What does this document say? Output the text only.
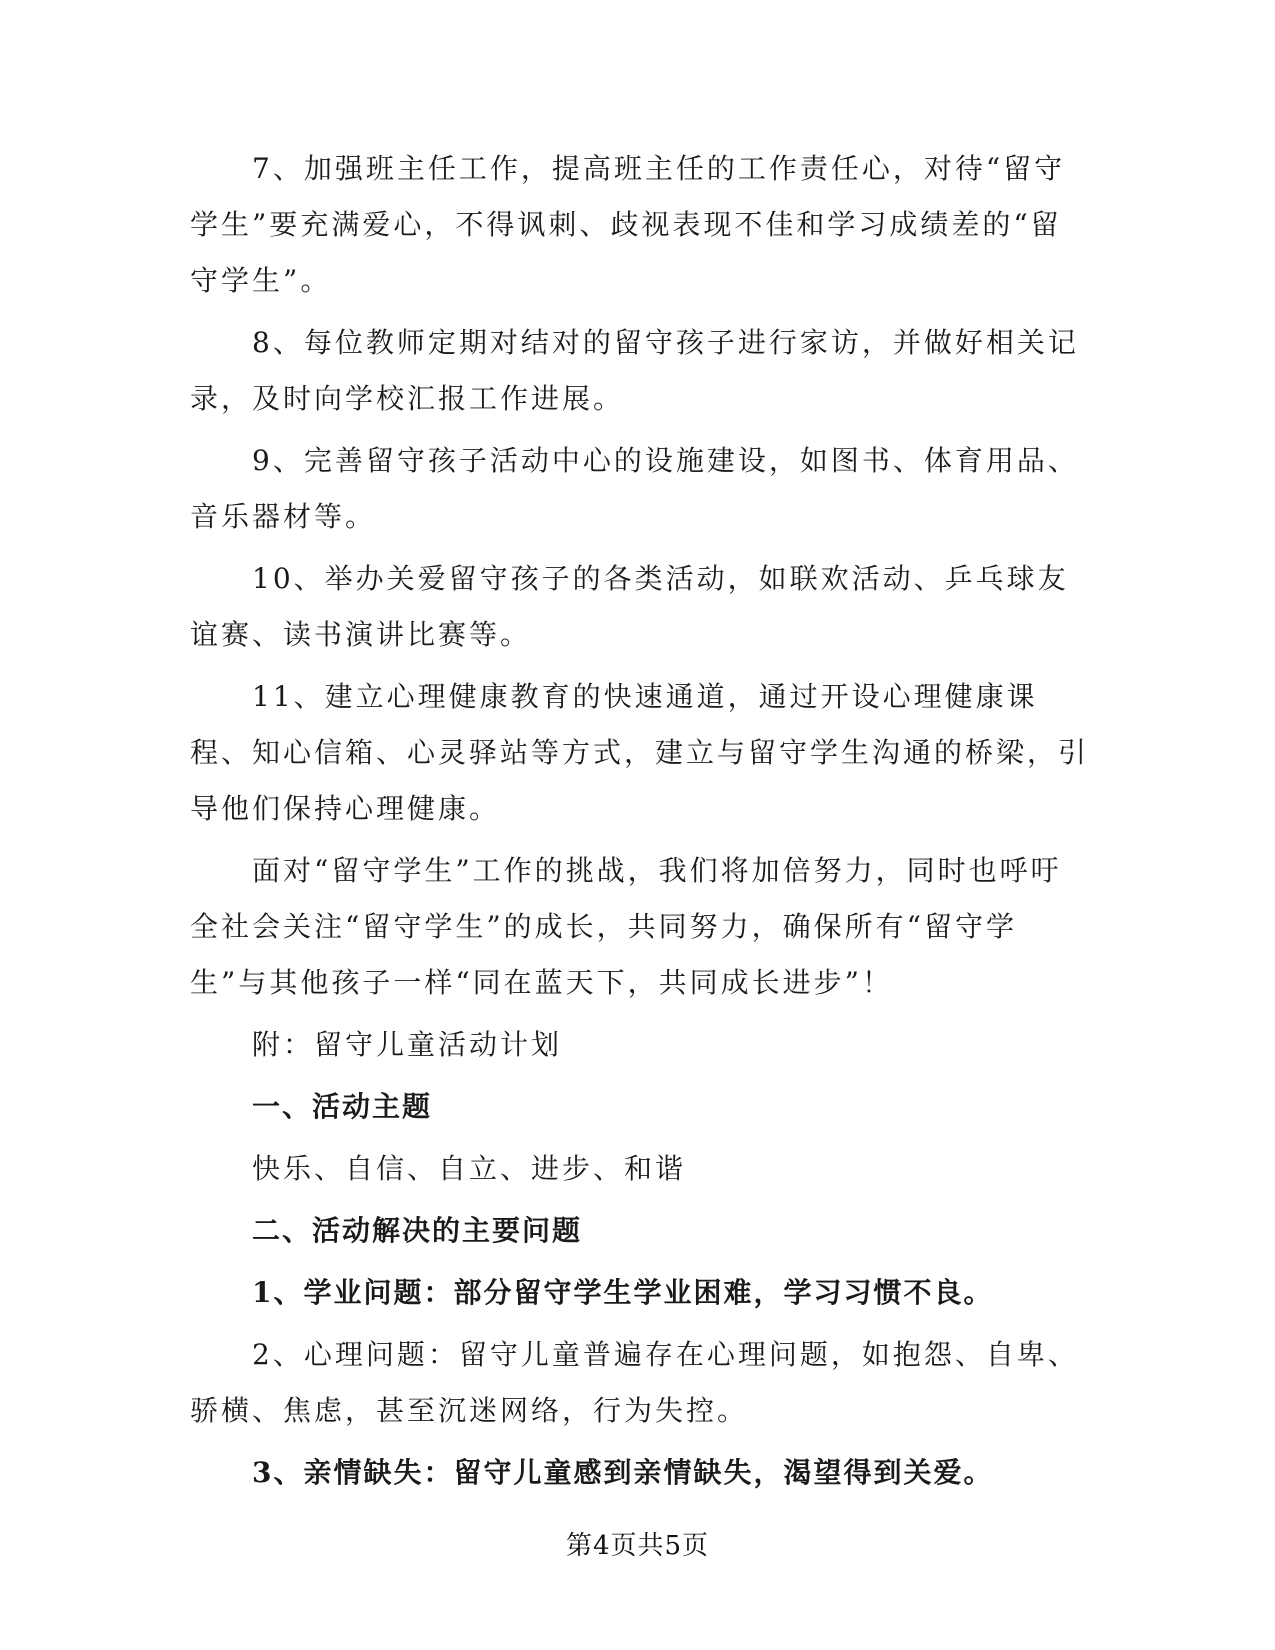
7、加强班主任工作，提高班主任的工作责任心，对待“留守学生”要充满爱心，不得讽刺、歧视表现不佳和学习成绩差的“留守学生”。

8、每位教师定期对结对的留守孩子进行家访，并做好相关记录，及时向学校汇报工作进展。

9、完善留守孩子活动中心的设施建设，如图书、体育用品、音乐器材等。

10、举办关爱留守孩子的各类活动，如联欢活动、乒乓球友谊赛、读书演讲比赛等。

11、建立心理健康教育的快速通道，通过开设心理健康课程、知心信箱、心灵驿站等方式，建立与留守学生沟通的桥梁，引导他们保持心理健康。

面对“留守学生”工作的挑战，我们将加倍努力，同时也呼吁全社会关注“留守学生”的成长，共同努力，确保所有“留守学生”与其他孩子一样“同在蓝天下，共同成长进步”！

附：留守儿童活动计划

一、活动主题

快乐、自信、自立、进步、和谐

二、活动解决的主要问题

1、学业问题：部分留守学生学业困难，学习习惯不良。

2、心理问题：留守儿童普遍存在心理问题，如抱怨、自卑、骄横、焦虑，甚至沉迷网络，行为失控。

3、亲情缺失：留守儿童感到亲情缺失，渴望得到关爱。

第4页共5页
